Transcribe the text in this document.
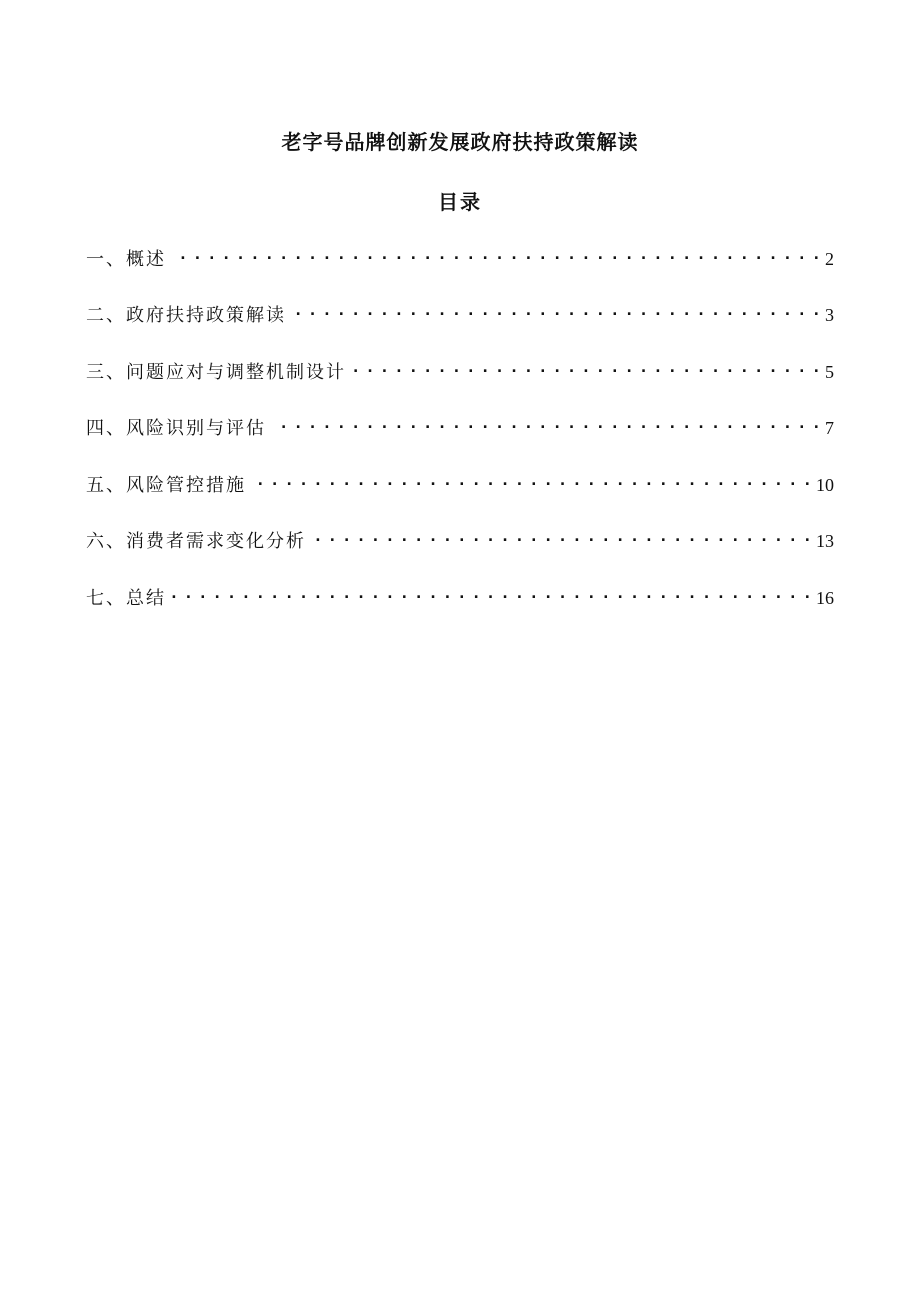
老字号品牌创新发展政府扶持政策解读
目录
一、概述 . . .	2
二、政府扶持政策解读 . . .	3
三、问题应对与调整机制设计 . . .	5
四、风险识别与评估 . . .	7
五、风险管控措施 . . .	10
六、消费者需求变化分析 . . .	13
七、总结 . . .	16
